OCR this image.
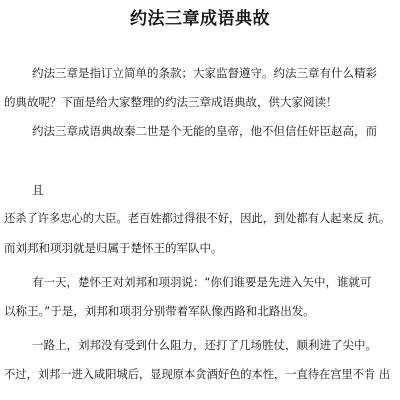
约法三章成语典故
约法三章是指订立简单的条款；大家监督遵守。约法三章有什么精彩
的典故呢？下面是给大家整理的约法三章成语典故，供大家阅读！
约法三章成语典故秦二世是个无能的皇帝，他不但信任奸臣赵高，而
且
还杀了许多忠心的大臣。老百姓都过得很不好，因此，到处都有人起来反 抗。
而刘邦和项羽就是归属于楚怀王的军队中。
有一天，楚怀王对刘邦和项羽说：“你们谁要是先进入矢中，谁就可
以称王。”于是，刘邦和项羽分别带着军队像西路和北路出发。
一路上，刘邦没有受到什么阻力，还打了几场胜仗，顺利进了尖中。
不过，刘邦一进入咸阳城后，显现原本贪酒好色的本性，一直待在宫里不肯 出
